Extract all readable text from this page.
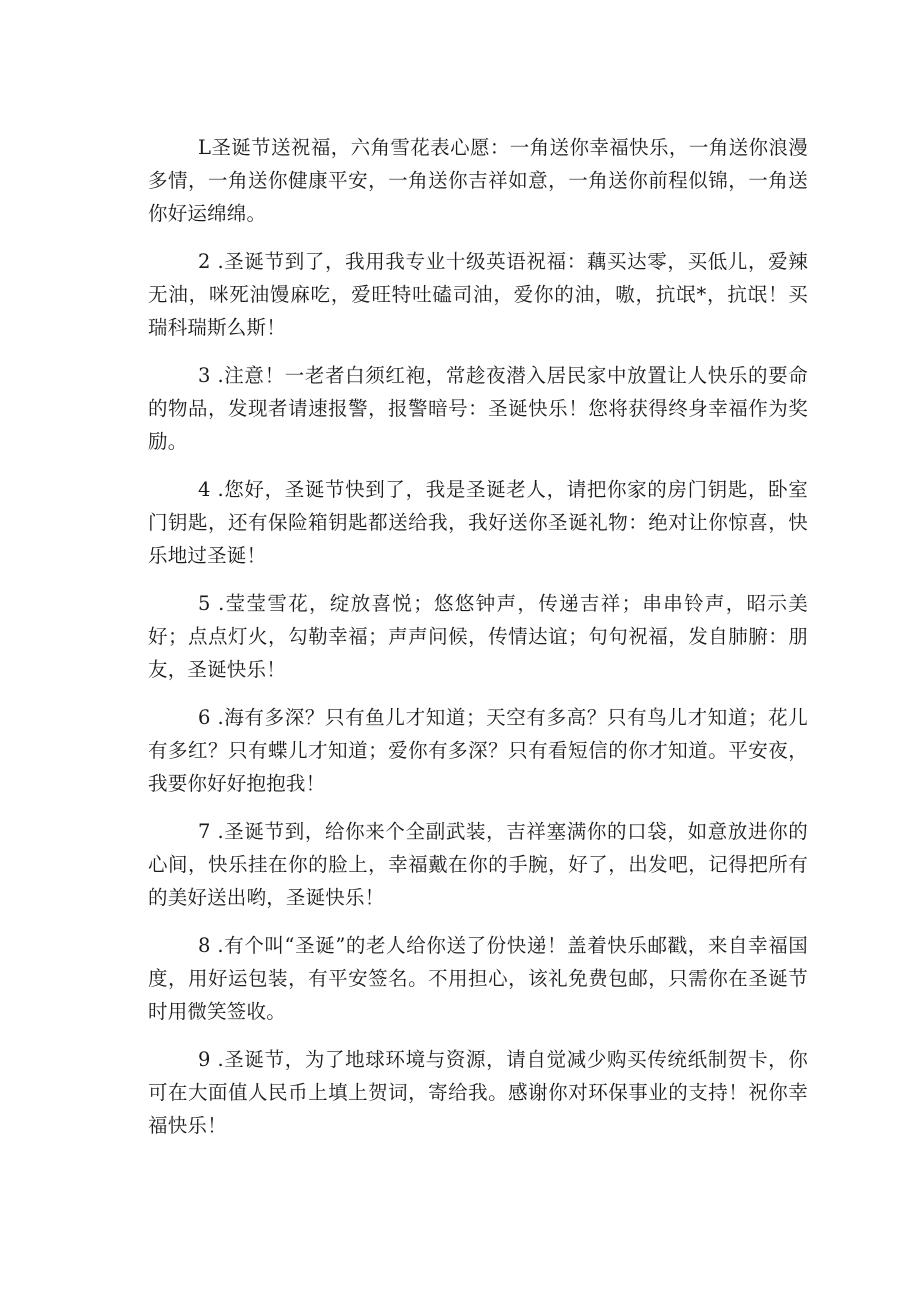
L圣诞节送祝福，六角雪花表心愿：一角送你幸福快乐，一角送你浪漫多情，一角送你健康平安，一角送你吉祥如意，一角送你前程似锦，一角送你好运绵绵。

2 .圣诞节到了，我用我专业十级英语祝福：藕买达零，买低儿，爱辣无油，咪死油馒麻吃，爱旺特吐磕司油，爱你的油，嗷，抗氓*，抗氓！买瑞科瑞斯么斯！

3 .注意！一老者白须红袍，常趁夜潜入居民家中放置让人快乐的要命的物品，发现者请速报警，报警暗号：圣诞快乐！您将获得终身幸福作为奖励。

4 .您好，圣诞节快到了，我是圣诞老人，请把你家的房门钥匙，卧室门钥匙，还有保险箱钥匙都送给我，我好送你圣诞礼物：绝对让你惊喜，快乐地过圣诞！

5 .莹莹雪花，绽放喜悦；悠悠钟声，传递吉祥；串串铃声，昭示美好；点点灯火，勾勒幸福；声声问候，传情达谊；句句祝福，发自肺腑：朋友，圣诞快乐！

6 .海有多深？只有鱼儿才知道；天空有多高？只有鸟儿才知道；花儿有多红？只有蝶儿才知道；爱你有多深？只有看短信的你才知道。平安夜，我要你好好抱抱我！

7 .圣诞节到，给你来个全副武装，吉祥塞满你的口袋，如意放进你的心间，快乐挂在你的脸上，幸福戴在你的手腕，好了，出发吧，记得把所有的美好送出哟，圣诞快乐！

8 .有个叫“圣诞”的老人给你送了份快递！盖着快乐邮戳，来自幸福国度，用好运包装，有平安签名。不用担心，该礼免费包邮，只需你在圣诞节时用微笑签收。

9 .圣诞节，为了地球环境与资源，请自觉减少购买传统纸制贺卡，你可在大面值人民币上填上贺词，寄给我。感谢你对环保事业的支持！祝你幸福快乐！
